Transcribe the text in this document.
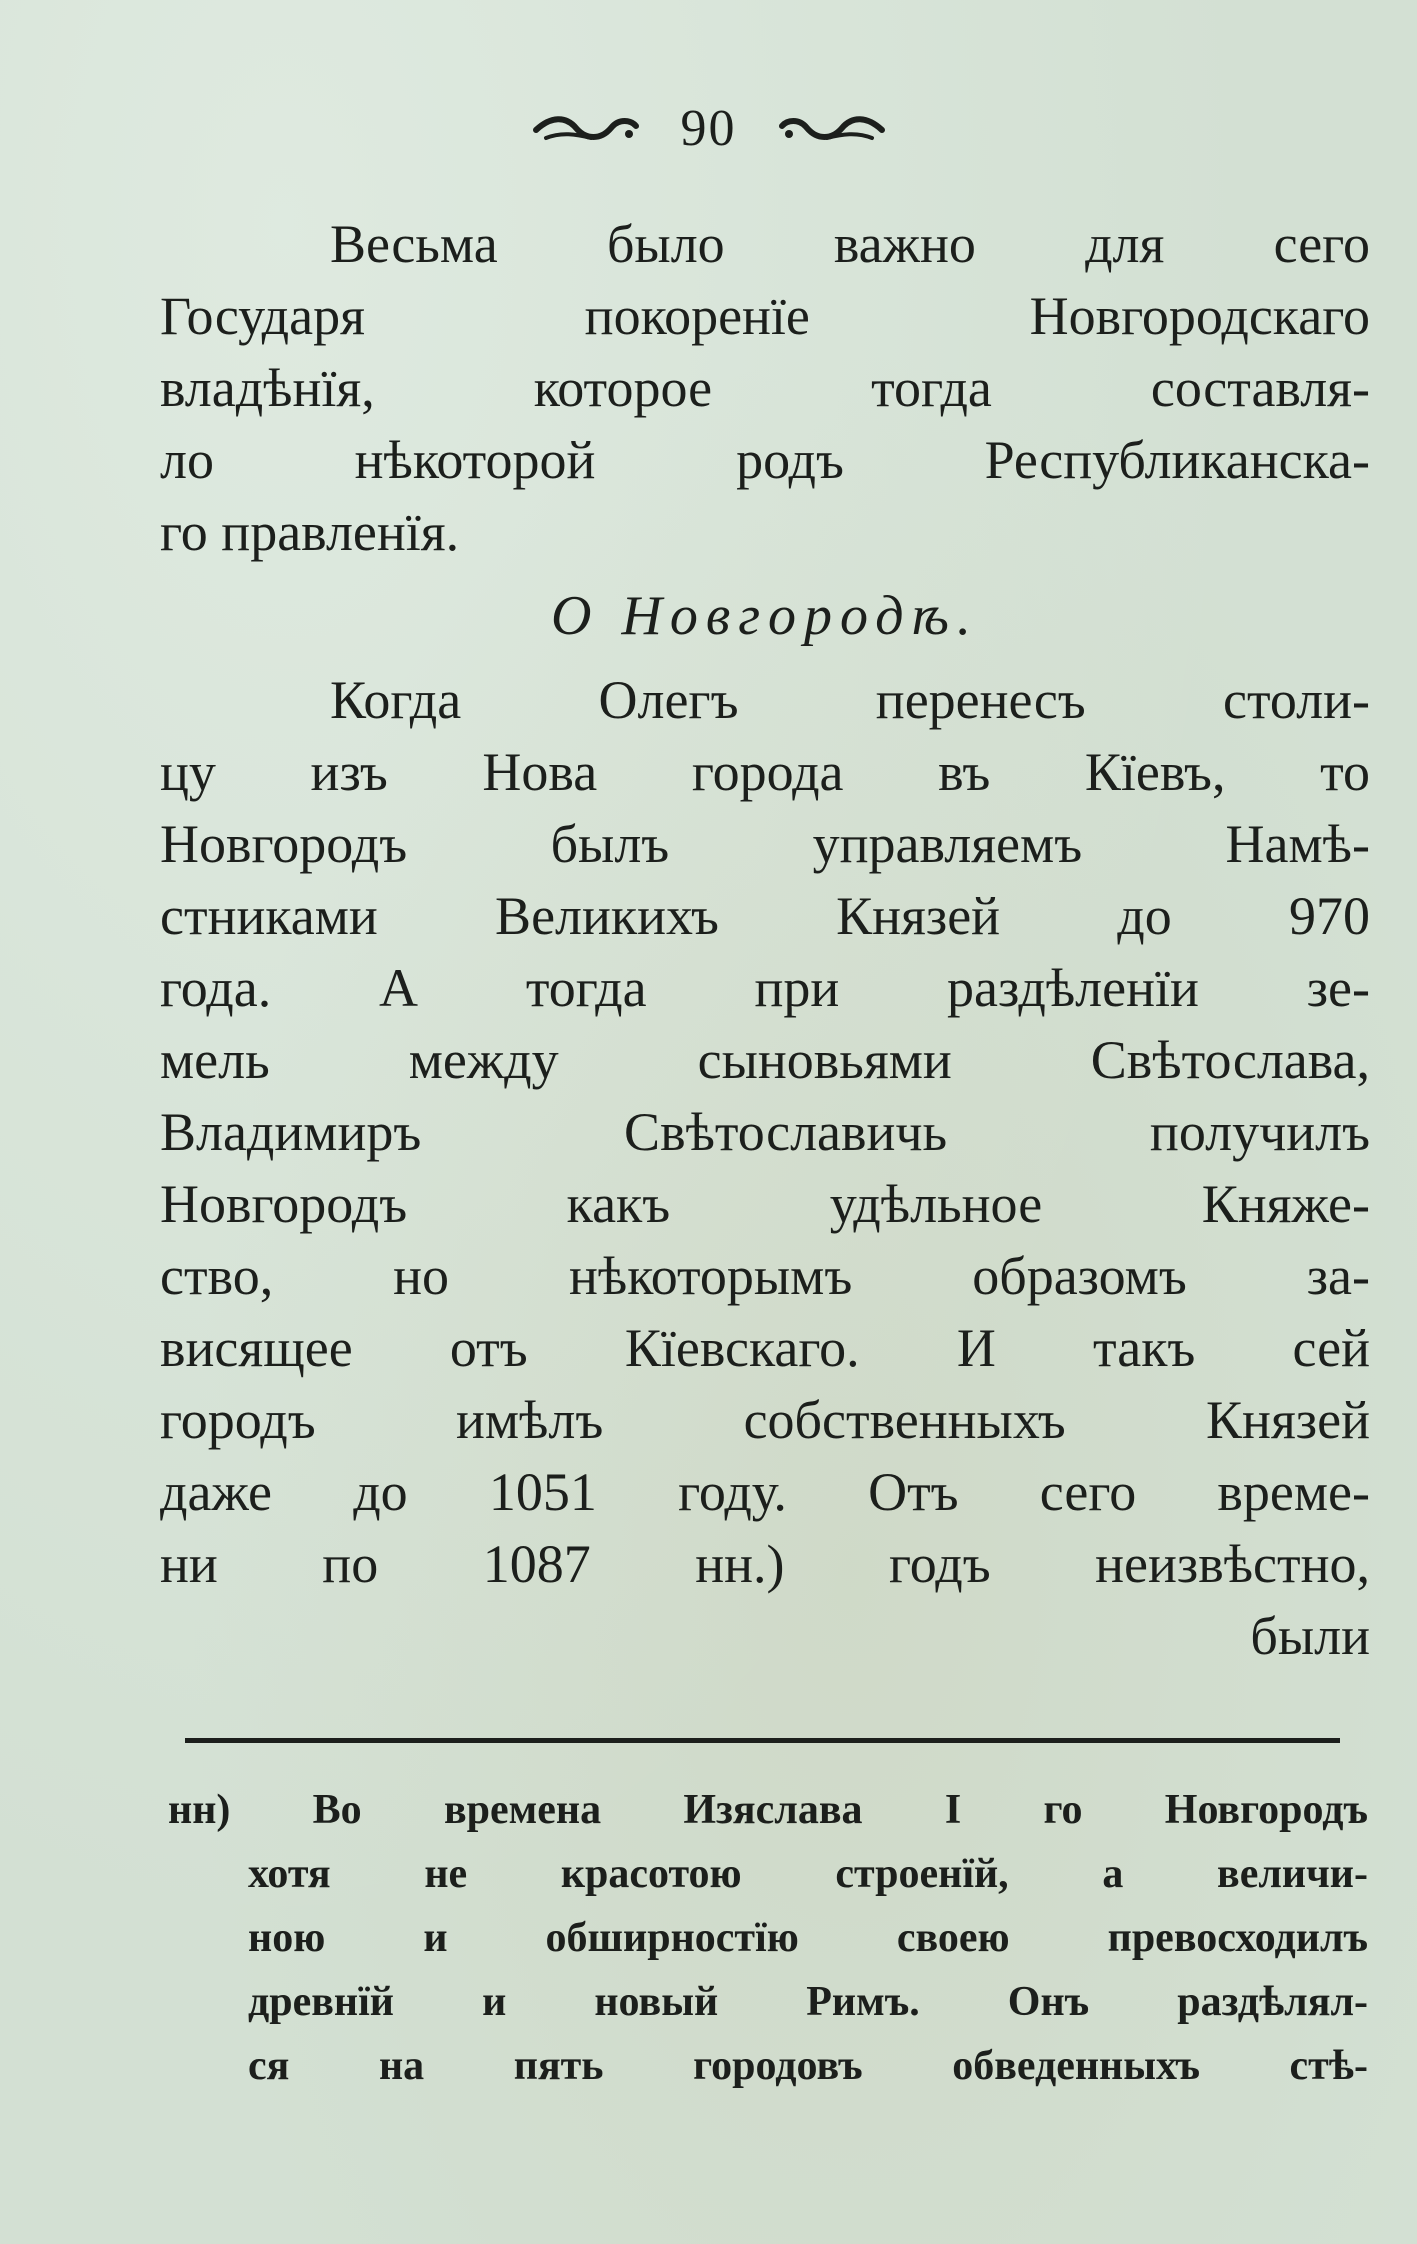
90
Весьма было важно для сего
Государя покоренїе Новгородскаго
владѣнїя, которое тогда составля-
ло нѣкоторой родъ Республиканска-
го правленїя.
О Новгородѣ.
Когда Олегъ перенесъ столи-
цу изъ Нова города въ Кїевъ, то
Новгородъ былъ управляемъ Намѣ-
стниками Великихъ Князей до 970
года. А тогда при раздѣленїи зе-
мель между сыновьями Свѣтослава,
Владимиръ Свѣтославичь получилъ
Новгородъ какъ удѣльное Княже-
ство, но нѣкоторымъ образомъ за-
висящее отъ Кїевскаго. И такъ сей
городъ имѣлъ собственныхъ Князей
даже до 1051 году. Отъ сего време-
ни по 1087 нн.) годъ неизвѣстно,
были
нн) Во времена Изяслава I го Новгородъ
хотя не красотою строенїй, а величи-
ною и обширностїю своею превосходилъ
древнїй и новый Римъ. Онъ раздѣлял-
ся на пять городовъ обведенныхъ стѣ-
